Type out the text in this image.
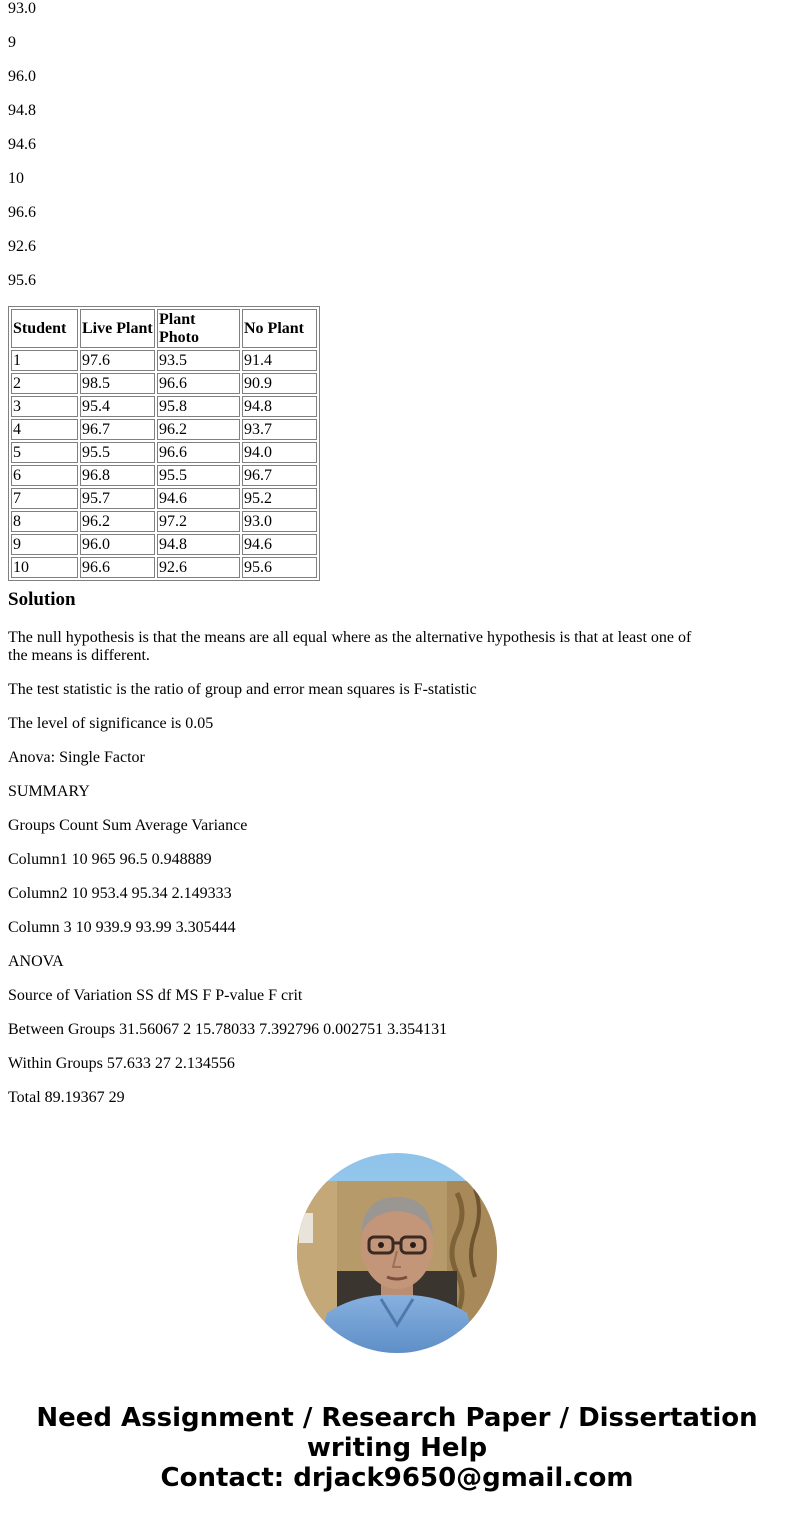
93.0

9

96.0

94.8

94.6

10

96.6

92.6

95.6

Student	Live Plant	Plant Photo	No Plant
1	97.6	93.5	91.4
2	98.5	96.6	90.9
3	95.4	95.8	94.8
4	96.7	96.2	93.7
5	95.5	96.6	94.0
6	96.8	95.5	96.7
7	95.7	94.6	95.2
8	96.2	97.2	93.0
9	96.0	94.8	94.6
10	96.6	92.6	95.6
Solution

The null hypothesis is that the means are all equal where as the alternative hypothesis is that at least one of the means is different.

The test statistic is the ratio of group and error mean squares is F-statistic

The level of significance is 0.05

Anova: Single Factor

SUMMARY

Groups Count Sum Average Variance

Column1 10 965 96.5 0.948889

Column2 10 953.4 95.34 2.149333

Column 3 10 939.9 93.99 3.305444

ANOVA

Source of Variation SS df MS F P-value F crit

Between Groups 31.56067 2 15.78033 7.392796 0.002751 3.354131

Within Groups 57.633 27 2.134556

Total 89.19367 29

Need Assignment / Research Paper / Dissertation
writing Help
Contact: drjack9650@gmail.com
